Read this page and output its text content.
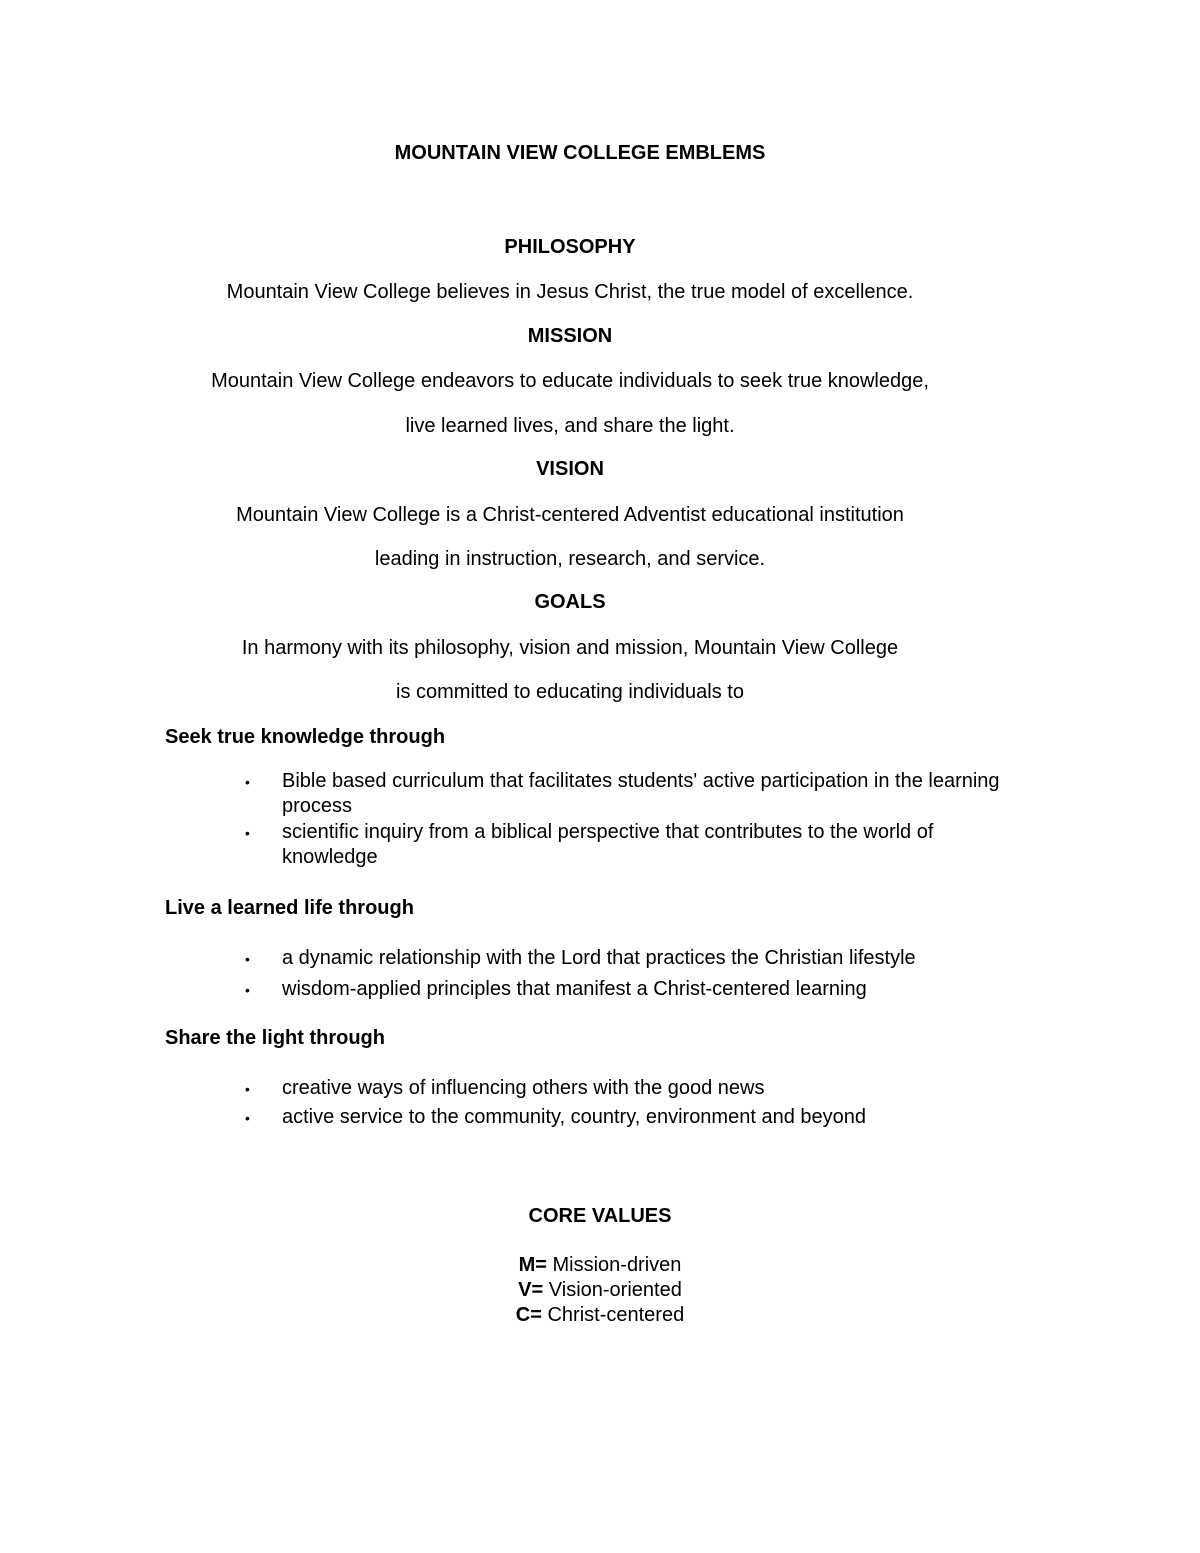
MOUNTAIN VIEW COLLEGE EMBLEMS
PHILOSOPHY
Mountain View College believes in Jesus Christ, the true model of excellence.
MISSION
Mountain View College endeavors to educate individuals to seek true knowledge,
live learned lives, and share the light.
VISION
Mountain View College is a Christ-centered Adventist educational institution
leading in instruction, research, and service.
GOALS
In harmony with its philosophy, vision and mission, Mountain View College
is committed to educating individuals to
Seek true knowledge through
• Bible based curriculum that facilitates students' active participation in the learning process
• scientific inquiry from a biblical perspective that contributes to the world of knowledge
Live a learned life through
• a dynamic relationship with the Lord that practices the Christian lifestyle
• wisdom-applied principles that manifest a Christ-centered learning
Share the light through
• creative ways of influencing others with the good news
• active service to the community, country, environment and beyond
CORE VALUES
M= Mission-driven
V= Vision-oriented
C= Christ-centered
